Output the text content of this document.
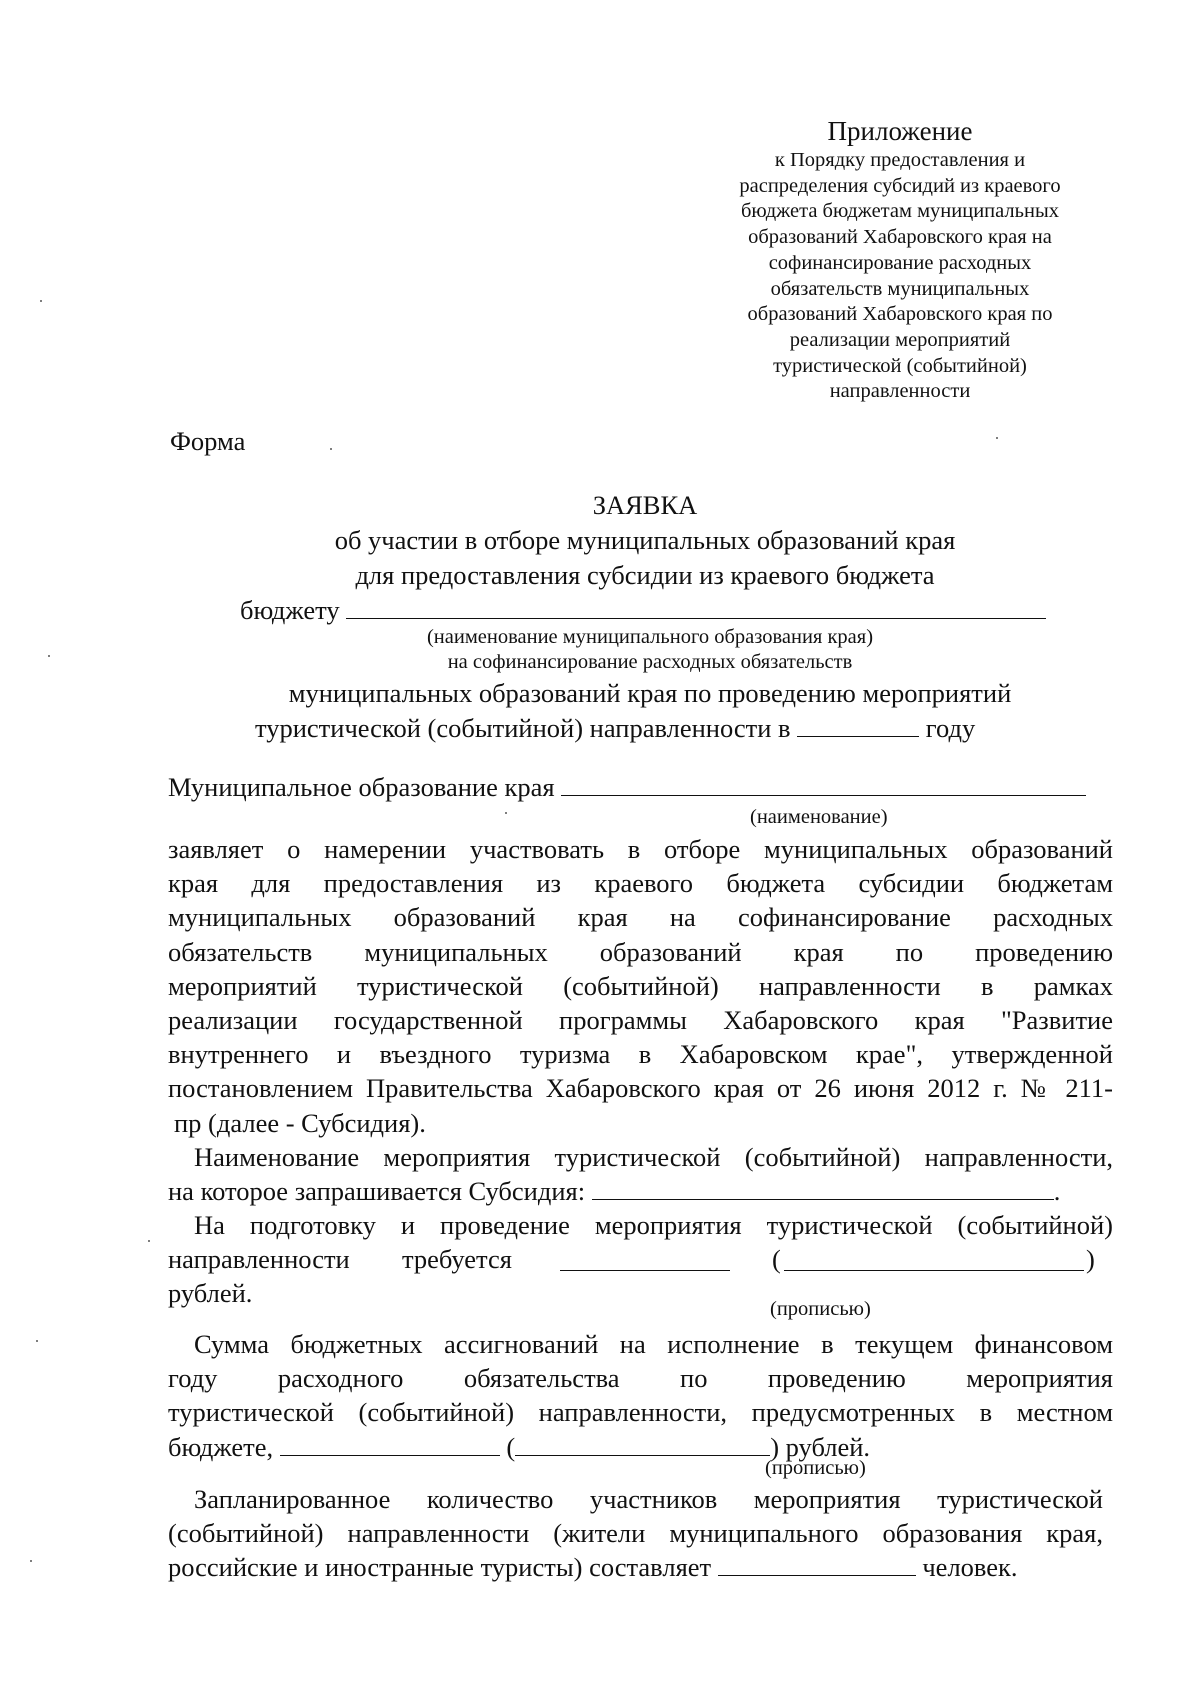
Приложение
к Порядку предоставления и
распределения субсидий из краевого
бюджета бюджетам муниципальных
образований Хабаровского края на
софинансирование расходных
обязательств муниципальных
образований Хабаровского края по
реализации мероприятий
туристической (событийной)
направленности
Форма
ЗАЯВКА
об участии в отборе муниципальных образований края
для предоставления субсидии из краевого бюджета
бюджету
(наименование муниципального образования края)
на софинансирование расходных обязательств
муниципальных образований края по проведению мероприятий
туристической (событийной) направленности в	году
Муниципальное образование края
(наименование)
заявляет о намерении участвовать в отборе муниципальных образований
края для предоставления из краевого бюджета субсидии бюджетам
муниципальных образований края на софинансирование расходных
обязательств муниципальных образований края по проведению
мероприятий туристической (событийной) направленности в рамках
реализации государственной программы Хабаровского края "Развитие
внутреннего и въездного туризма в Хабаровском крае", утвержденной
постановлением Правительства Хабаровского края от 26 июня 2012 г. № 211-
пр (далее - Субсидия).
Наименование мероприятия туристической (событийной) направленности,
на которое запрашивается Субсидия:	.
На подготовку и проведение мероприятия туристической (событийной)
направленности требуется	(	)
рублей.
(прописью)
Сумма бюджетных ассигнований на исполнение в текущем финансовом
году расходного обязательства по проведению мероприятия
туристической (событийной) направленности, предусмотренных в местном
бюджете,	(	) рублей.
(прописью)
Запланированное количество участников мероприятия туристической
(событийной) направленности (жители муниципального образования края,
российские и иностранные туристы) составляет	человек.
